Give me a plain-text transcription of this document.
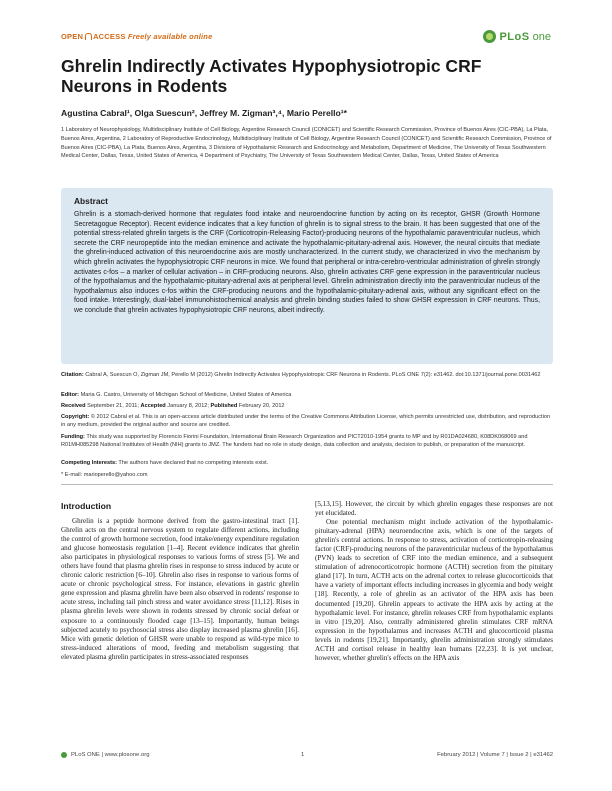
OPEN ACCESS Freely available online	PLoS one
Ghrelin Indirectly Activates Hypophysiotropic CRF Neurons in Rodents
Agustina Cabral¹, Olga Suescun², Jeffrey M. Zigman³,⁴, Mario Perello¹*
1 Laboratory of Neurophysiology, Multidisciplinary Institute of Cell Biology, Argentine Research Council (CONICET) and Scientific Research Commission, Province of Buenos Aires (CIC-PBA), La Plata, Buenos Aires, Argentina, 2 Laboratory of Reproductive Endocrinology, Multidisciplinary Institute of Cell Biology, Argentine Research Council (CONICET) and Scientific Research Commission, Province of Buenos Aires (CIC-PBA), La Plata, Buenos Aires, Argentina, 3 Divisions of Hypothalamic Research and Endocrinology and Metabolism, Department of Medicine, The University of Texas Southwestern Medical Center, Dallas, Texas, United States of America, 4 Department of Psychiatry, The University of Texas Southwestern Medical Center, Dallas, Texas, United States of America
Abstract
Ghrelin is a stomach-derived hormone that regulates food intake and neuroendocrine function by acting on its receptor, GHSR (Growth Hormone Secretagogue Receptor). Recent evidence indicates that a key function of ghrelin is to signal stress to the brain. It has been suggested that one of the potential stress-related ghrelin targets is the CRF (Corticotropin-Releasing Factor)-producing neurons of the hypothalamic paraventricular nucleus, which secrete the CRF neuropeptide into the median eminence and activate the hypothalamic-pituitary-adrenal axis. However, the neural circuits that mediate the ghrelin-induced activation of this neuroendocrine axis are mostly uncharacterized. In the current study, we characterized in vivo the mechanism by which ghrelin activates the hypophysiotropic CRF neurons in mice. We found that peripheral or intra-cerebro-ventricular administration of ghrelin strongly activates c-fos – a marker of cellular activation – in CRF-producing neurons. Also, ghrelin activates CRF gene expression in the paraventricular nucleus of the hypothalamus and the hypothalamic-pituitary-adrenal axis at peripheral level. Ghrelin administration directly into the paraventricular nucleus of the hypothalamus also induces c-fos within the CRF-producing neurons and the hypothalamic-pituitary-adrenal axis, without any significant effect on the food intake. Interestingly, dual-label immunohistochemical analysis and ghrelin binding studies failed to show GHSR expression in CRF neurons. Thus, we conclude that ghrelin activates hypophysiotropic CRF neurons, albeit indirectly.
Citation: Cabral A, Suescun O, Zigman JM, Perello M (2012) Ghrelin Indirectly Activates Hypophysiotropic CRF Neurons in Rodents. PLoS ONE 7(2): e31462. doi:10.1371/journal.pone.0031462
Editor: Maria G. Castro, University of Michigan School of Medicine, United States of America
Received September 21, 2011; Accepted January 8, 2012; Published February 20, 2012
Copyright: © 2012 Cabral et al. This is an open-access article distributed under the terms of the Creative Commons Attribution License, which permits unrestricted use, distribution, and reproduction in any medium, provided the original author and source are credited.
Funding: This study was supported by Florencio Fiorini Foundation, International Brain Research Organization and PICT2010-1954 grants to MP and by R01DA024680, K08DK068069 and R01MH085298 National Institutes of Health (NIH) grants to JMZ. The funders had no role in study design, data collection and analysis, decision to publish, or preparation of the manuscript.
Competing Interests: The authors have declared that no competing interests exist.
* E-mail: marioperello@yahoo.com
Introduction

Ghrelin is a peptide hormone derived from the gastro-intestinal tract [1]. Ghrelin acts on the central nervous system to regulate different actions, including the control of growth hormone secretion, food intake/energy expenditure regulation and glucose homeostasis regulation [1–4]. Recent evidence indicates that ghrelin also participates in physiological responses to various forms of stress [5]. We and others have found that plasma ghrelin rises in response to stress induced by acute or chronic caloric restriction [6–10]. Ghrelin also rises in response to various forms of acute or chronic psychological stress. For instance, elevations in gastric ghrelin gene expression and plasma ghrelin have been also observed in rodents' response to acute stress, including tail pinch stress and water avoidance stress [11,12]. Rises in plasma ghrelin levels were shown in rodents stressed by chronic social defeat or exposure to a continuously flooded cage [13–15]. Importantly, human beings subjected acutely to psychosocial stress also display increased plasma ghrelin [16]. Mice with genetic deletion of GHSR were unable to respond as wild-type mice to stress-induced alterations of mood, feeding and metabolism suggesting that elevated plasma ghrelin participates in stress-associated responses

[5,13,15]. However, the circuit by which ghrelin engages these responses are not yet elucidated.

One potential mechanism might include activation of the hypothalamic-pituitary-adrenal (HPA) neuroendocrine axis, which is one of the targets of ghrelin's central actions. In response to stress, activation of corticotropin-releasing factor (CRF)-producing neurons of the paraventricular nucleus of the hypothalamus (PVN) leads to secretion of CRF into the median eminence, and a subsequent stimulation of adrenocorticotropic hormone (ACTH) secretion from the pituitary gland [17]. In turn, ACTH acts on the adrenal cortex to release glucocorticoids that have a variety of important effects including increases in glycemia and body weight [18]. Recently, a role of ghrelin as an activator of the HPA axis has been documented [19,20]. Ghrelin appears to activate the HPA axis by acting at the hypothalamic level. For instance, ghrelin releases CRF from hypothalamic explants in vitro [19,20]. Also, centrally administered ghrelin stimulates CRF mRNA expression in the hypothalamus and increases ACTH and glucocorticoid plasma levels in rodents [19,21]. Importantly, ghrelin administration strongly stimulates ACTH and cortisol release in healthy lean humans [22,23]. It is yet unclear, however, whether ghrelin's effects on the HPA axis

PLoS ONE | www.plosone.org	1	February 2012 | Volume 7 | Issue 2 | e31462
